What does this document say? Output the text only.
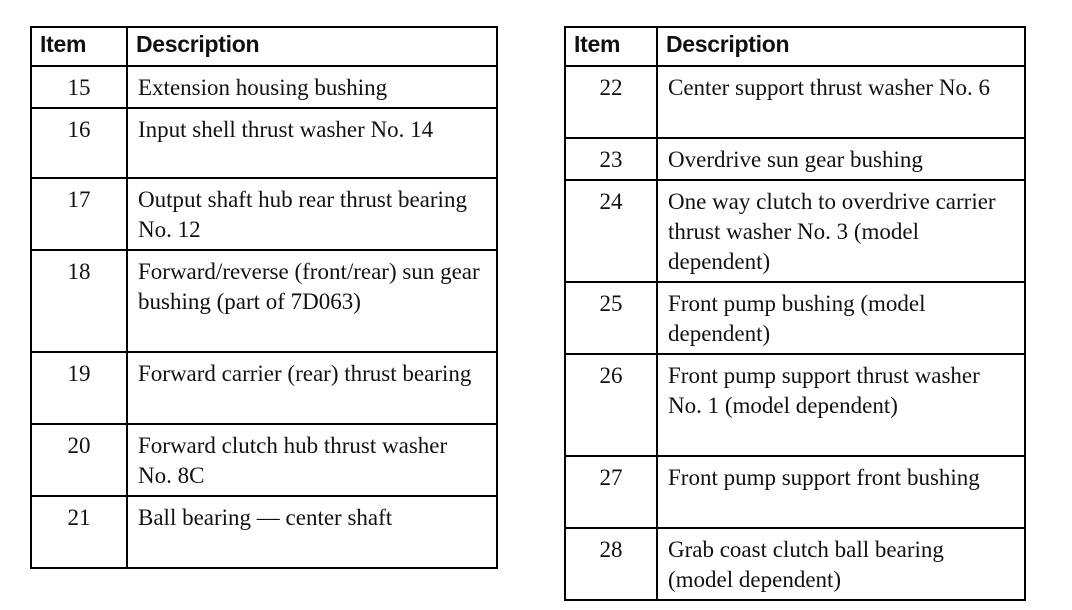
Item	Description
15	Extension housing bushing
16	Input shell thrust washer No. 14
17	Output shaft hub rear thrust bearing No. 12
18	Forward/reverse (front/rear) sun gear bushing (part of 7D063)
19	Forward carrier (rear) thrust bearing
20	Forward clutch hub thrust washer No. 8C
21	Ball bearing — center shaft
Item	Description
22	Center support thrust washer No. 6
23	Overdrive sun gear bushing
24	One way clutch to overdrive carrier thrust washer No. 3 (model dependent)
25	Front pump bushing (model dependent)
26	Front pump support thrust washer No. 1 (model dependent)
27	Front pump support front bushing
28	Grab coast clutch ball bearing (model dependent)
